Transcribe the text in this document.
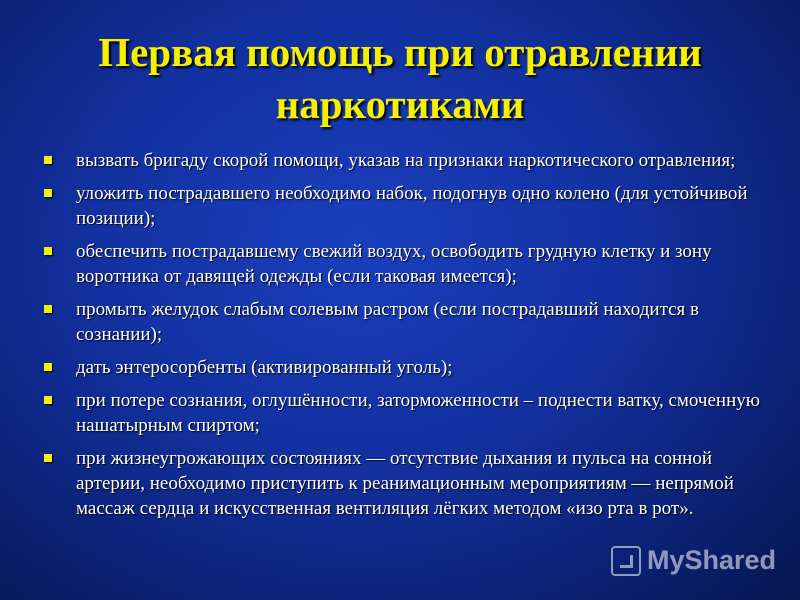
Первая помощь при отравлении наркотиками
вызвать бригаду скорой помощи, указав на признаки наркотического отравления;
уложить пострадавшего необходимо набок, подогнув одно колено (для устойчивой позиции);
обеспечить пострадавшему свежий воздух, освободить грудную клетку и зону воротника от давящей одежды (если таковая имеется);
промыть желудок слабым солевым растром (если пострадавший находится в сознании);
дать энтеросорбенты (активированный уголь);
при потере сознания, оглушённости, заторможенности – поднести ватку, смоченную нашатырным спиртом;
при жизнеугрожающих состояниях — отсутствие дыхания и пульса на сонной артерии, необходимо приступить к реанимационным мероприятиям — непрямой массаж сердца и искусственная вентиляция лёгких методом «изо рта в рот».
MyShared
